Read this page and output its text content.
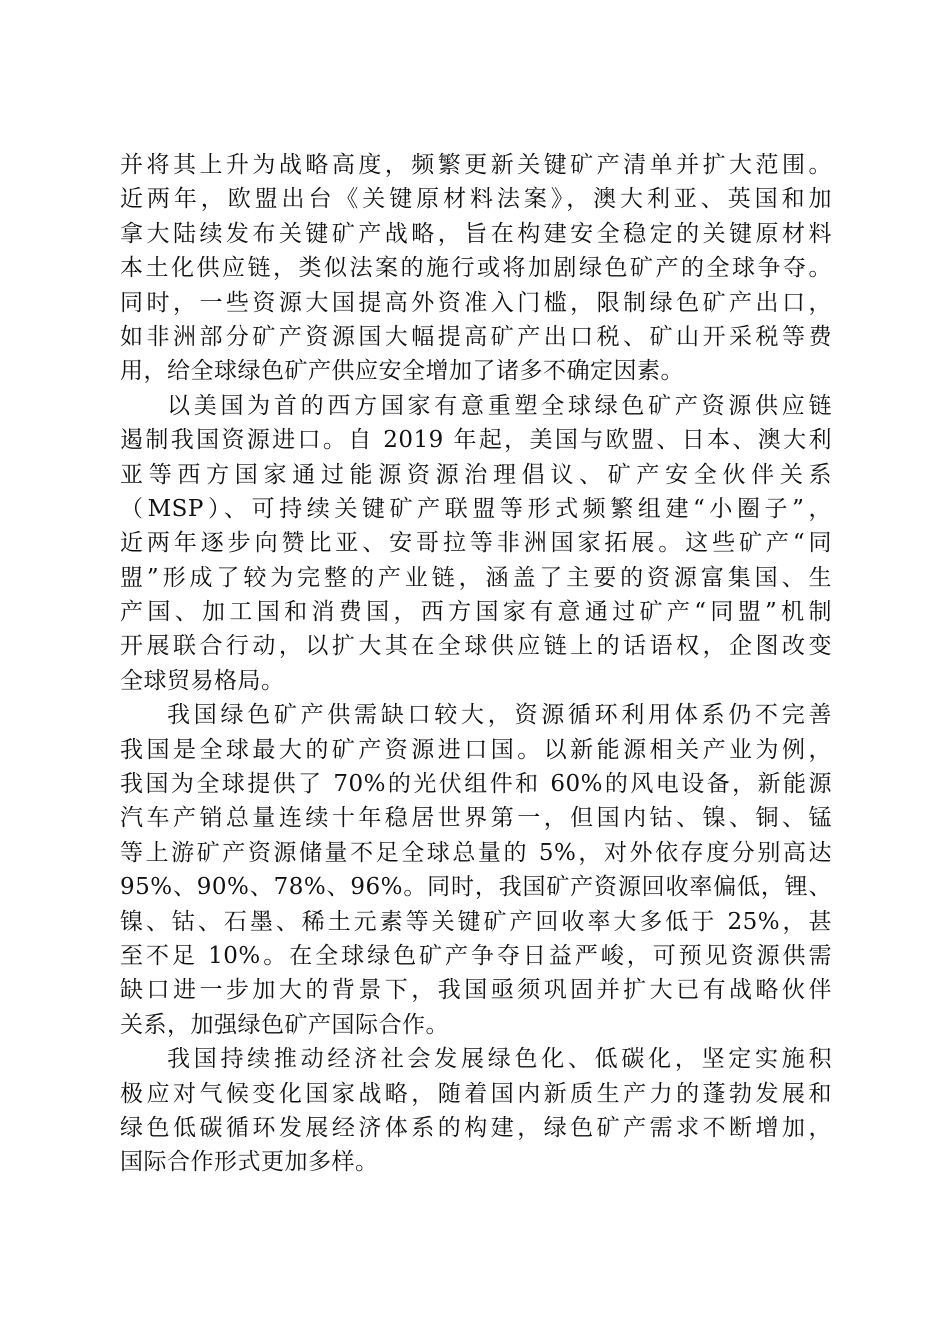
并将其上升为战略高度，频繁更新关键矿产清单并扩大范围。
近两年，欧盟出台《关键原材料法案》，澳大利亚、英国和加
拿大陆续发布关键矿产战略，旨在构建安全稳定的关键原材料
本土化供应链，类似法案的施行或将加剧绿色矿产的全球争夺。
同时，一些资源大国提高外资准入门槛，限制绿色矿产出口，
如非洲部分矿产资源国大幅提高矿产出口税、矿山开采税等费
用，给全球绿色矿产供应安全增加了诸多不确定因素。
以美国为首的西方国家有意重塑全球绿色矿产资源供应链
遏制我国资源进口。自 2019 年起，美国与欧盟、日本、澳大利
亚等西方国家通过能源资源治理倡议、矿产安全伙伴关系
（MSP）、可持续关键矿产联盟等形式频繁组建“小圈子”，
近两年逐步向赞比亚、安哥拉等非洲国家拓展。这些矿产“同
盟”形成了较为完整的产业链，涵盖了主要的资源富集国、生
产国、加工国和消费国，西方国家有意通过矿产“同盟”机制
开展联合行动，以扩大其在全球供应链上的话语权，企图改变
全球贸易格局。
我国绿色矿产供需缺口较大，资源循环利用体系仍不完善
我国是全球最大的矿产资源进口国。以新能源相关产业为例，
我国为全球提供了 70%的光伏组件和 60%的风电设备，新能源
汽车产销总量连续十年稳居世界第一，但国内钴、镍、铜、锰
等上游矿产资源储量不足全球总量的 5%，对外依存度分别高达
95%、90%、78%、96%。同时，我国矿产资源回收率偏低，锂、
镍、钴、石墨、稀土元素等关键矿产回收率大多低于 25%，甚
至不足 10%。在全球绿色矿产争夺日益严峻，可预见资源供需
缺口进一步加大的背景下，我国亟须巩固并扩大已有战略伙伴
关系，加强绿色矿产国际合作。
我国持续推动经济社会发展绿色化、低碳化，坚定实施积
极应对气候变化国家战略，随着国内新质生产力的蓬勃发展和
绿色低碳循环发展经济体系的构建，绿色矿产需求不断增加，
国际合作形式更加多样。
